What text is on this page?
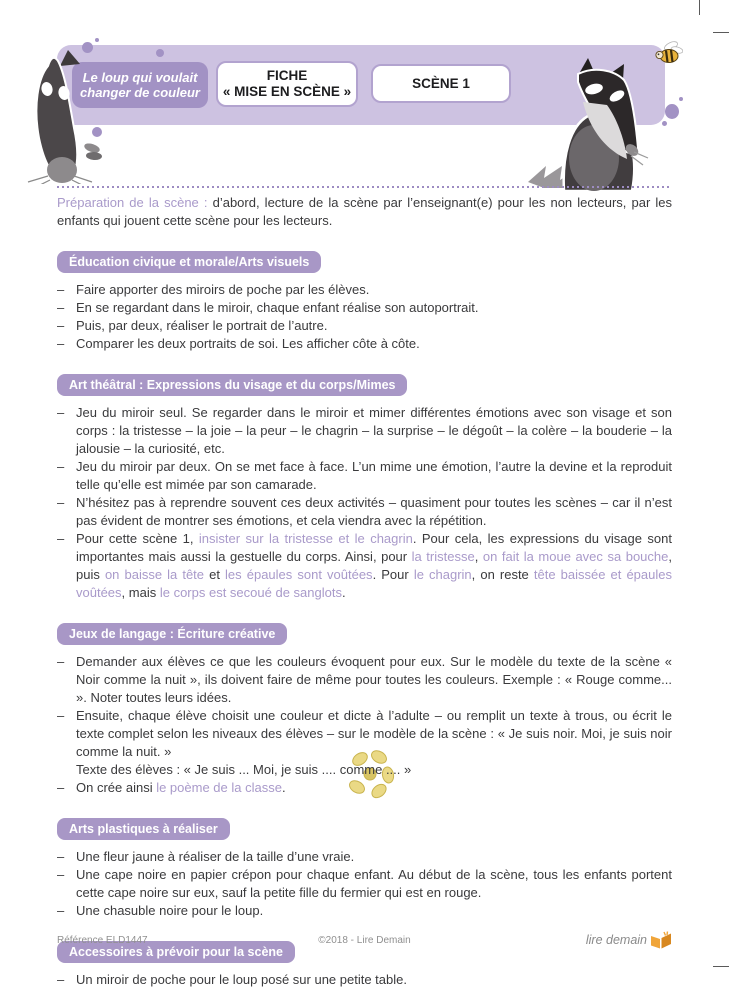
Le loup qui voulait changer de couleur
FICHE
« MISE EN SCÈNE »
SCÈNE 1

Préparation de la scène : d’abord, lecture de la scène par l’enseignant(e) pour les non lecteurs, par les enfants qui jouent cette scène pour les lecteurs.

Éducation civique et morale/Arts visuels
– Faire apporter des miroirs de poche par les élèves.
– En se regardant dans le miroir, chaque enfant réalise son autoportrait.
– Puis, par deux, réaliser le portrait de l’autre.
– Comparer les deux portraits de soi. Les afficher côte à côte.
Art théâtral : Expressions du visage et du corps/Mimes
– Jeu du miroir seul. Se regarder dans le miroir et mimer différentes émotions avec son visage et son corps : la tristesse – la joie – la peur – le chagrin – la surprise – le dégoût – la colère – la bouderie – la jalousie – la curiosité, etc.
– Jeu du miroir par deux. On se met face à face. L’un mime une émotion, l’autre la devine et la reproduit telle qu’elle est mimée par son camarade.
– N’hésitez pas à reprendre souvent ces deux activités – quasiment pour toutes les scènes – car il n’est pas évident de montrer ses émotions, et cela viendra avec la répétition.
– Pour cette scène 1, insister sur la tristesse et le chagrin. Pour cela, les expressions du visage sont importantes mais aussi la gestuelle du corps. Ainsi, pour la tristesse, on fait la moue avec sa bouche, puis on baisse la tête et les épaules sont voûtées. Pour le chagrin, on reste tête baissée et épaules voûtées, mais le corps est secoué de sanglots.
Jeux de langage : Écriture créative
– Demander aux élèves ce que les couleurs évoquent pour eux. Sur le modèle du texte de la scène « Noir comme la nuit », ils doivent faire de même pour toutes les couleurs. Exemple : « Rouge comme... ». Noter toutes leurs idées.
– Ensuite, chaque élève choisit une couleur et dicte à l’adulte – ou remplit un texte à trous, ou écrit le texte complet selon les niveaux des élèves – sur le modèle de la scène : « Je suis noir. Moi, je suis noir comme la nuit. »
Texte des élèves : « Je suis ... Moi, je suis .... comme .... »
– On crée ainsi le poème de la classe.
Arts plastiques à réaliser
– Une fleur jaune à réaliser de la taille d’une vraie.
– Une cape noire en papier crépon pour chaque enfant. Au début de la scène, tous les enfants portent cette cape noire sur eux, sauf la petite fille du fermier qui est en rouge.
– Une chasuble noire pour le loup.
Accessoires à prévoir pour la scène
– Un miroir de poche pour le loup posé sur une petite table.
Référence ELD1447	©2018 - Lire Demain	lire demain
